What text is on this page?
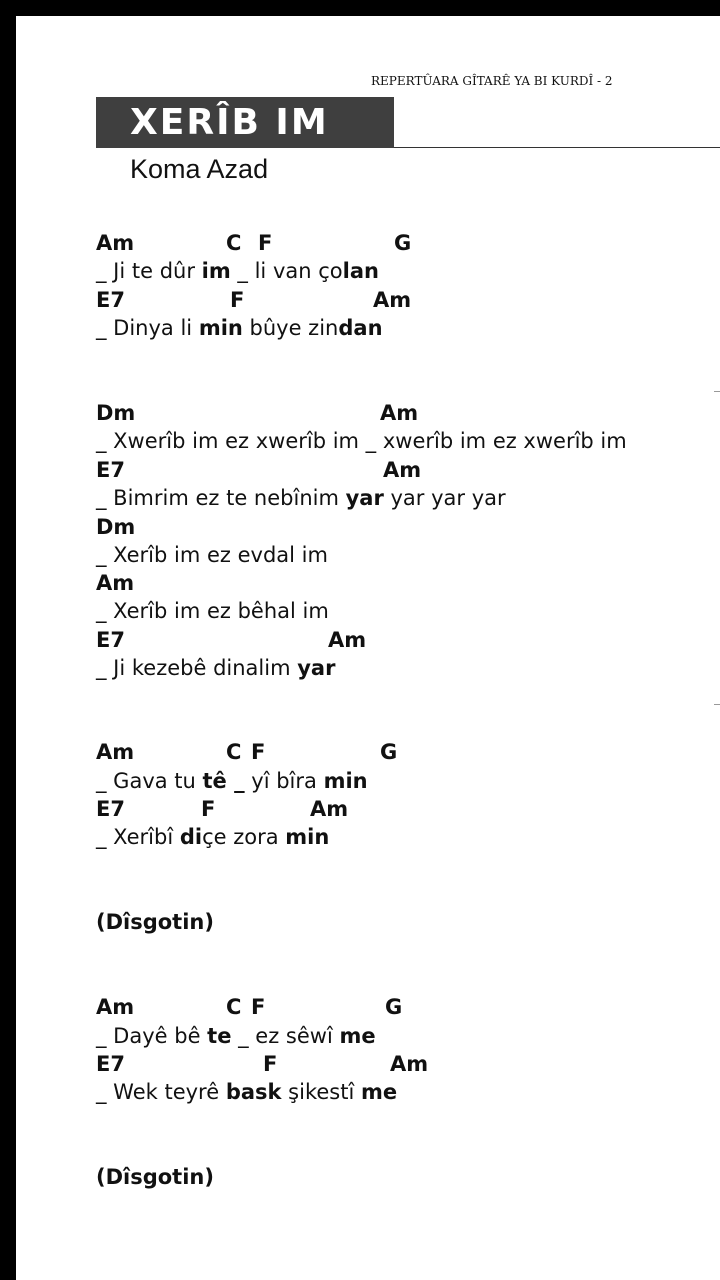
REPERTÛARA GÎTARÊ YA BI KURDÎ - 2
XERÎB IM
Koma Azad
Am	C F	G
_ Ji te dûr im _ li van çolan
E7	F	Am
_ Dinya li min bûye zindan
Dm	Am
_ Xwerîb im ez xwerîb im _ xwerîb im ez xwerîb im
E7	Am
_ Bimrim ez te nebînim yar yar yar yar
Dm
_ Xerîb im ez evdal im
Am
_ Xerîb im ez bêhal im
E7	Am
_ Ji kezebê dinalim yar
Am	C F	G
_ Gava tu tê _ yî bîra min
E7	F	Am
_ Xerîbî diçe zora min
(Dîsgotin)
Am	C F	G
_ Dayê bê te _ ez sêwî me
E7	F	Am
_ Wek teyrê bask şikestî me
(Dîsgotin)
